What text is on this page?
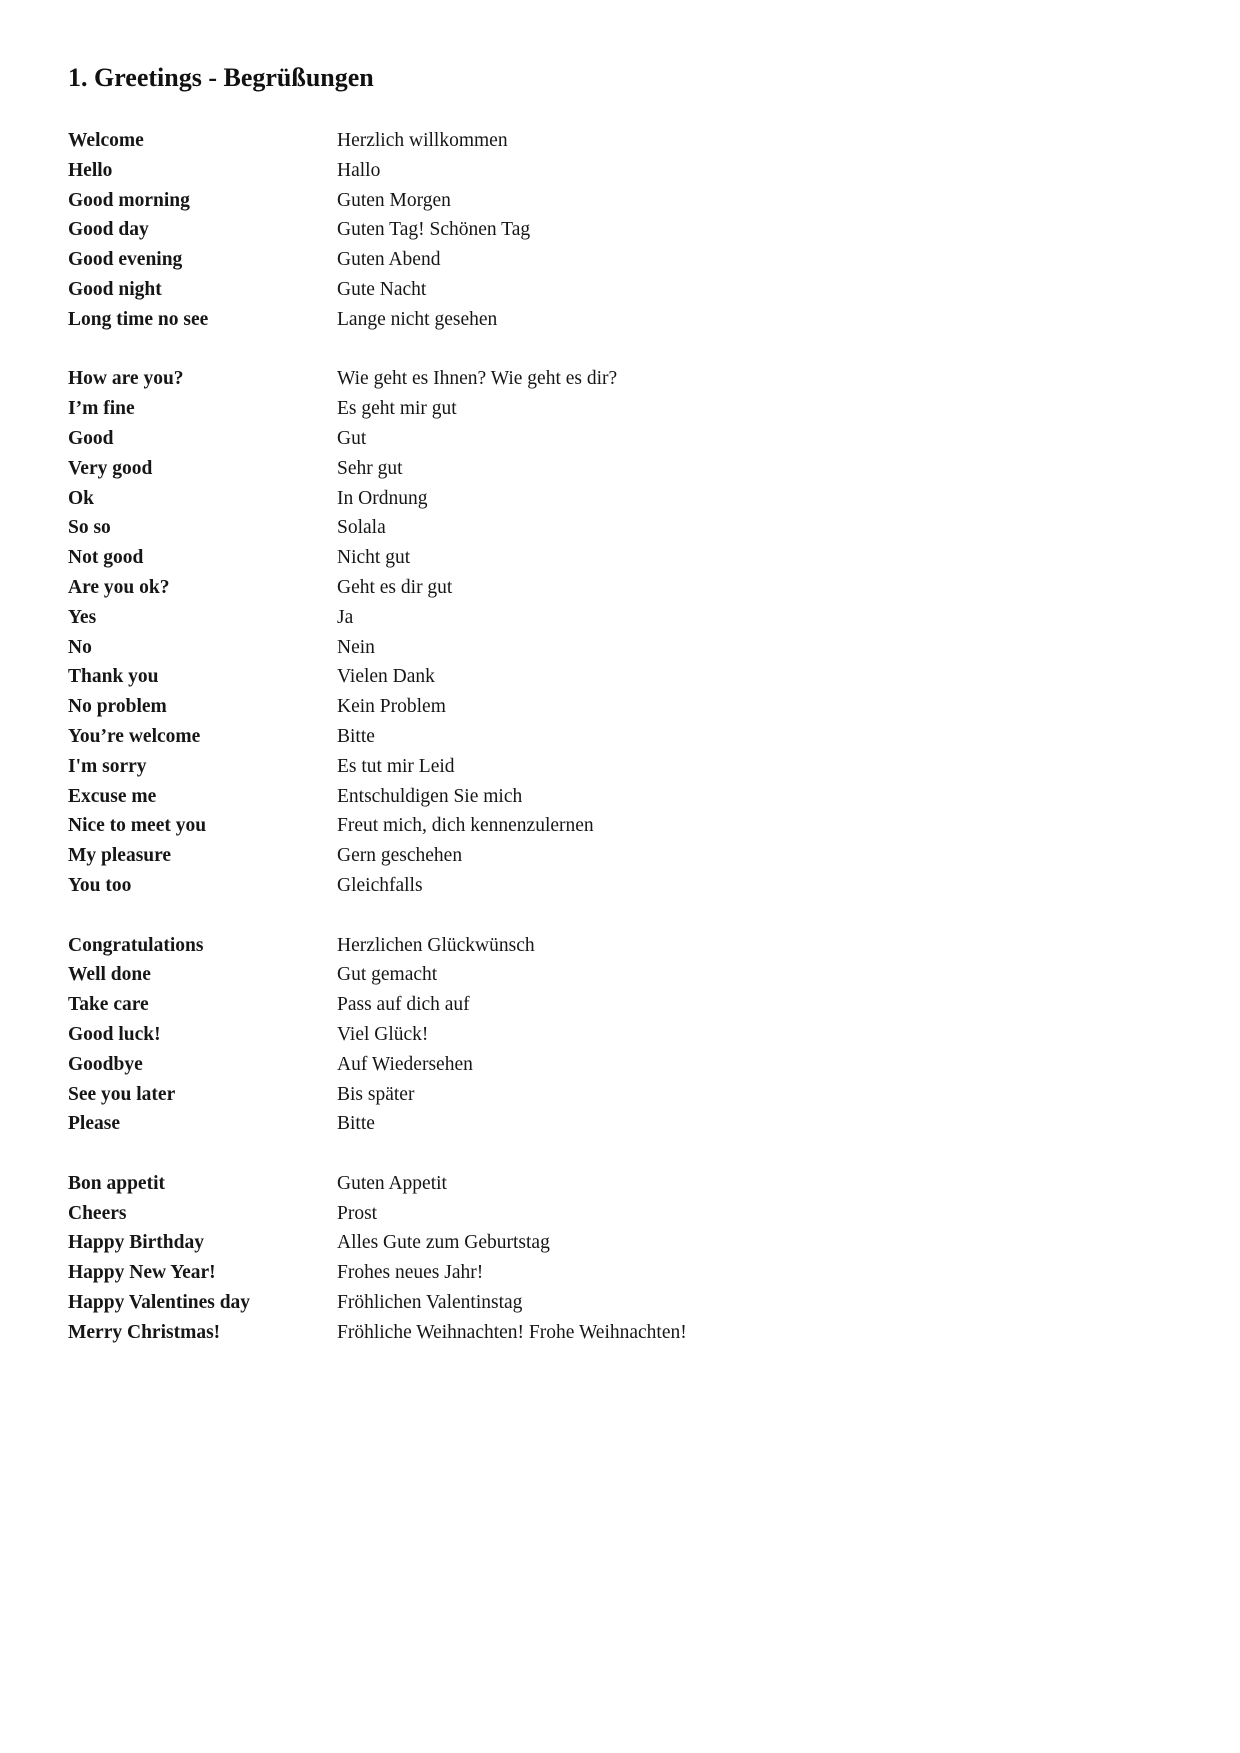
1. Greetings - Begrüßungen
Welcome	Herzlich willkommen
Hello	Hallo
Good morning	Guten Morgen
Good day	Guten Tag! Schönen Tag
Good evening	Guten Abend
Good night	Gute Nacht
Long time no see	Lange nicht gesehen
How are you?	Wie geht es Ihnen? Wie geht es dir?
I’m fine	Es geht mir gut
Good	Gut
Very good	Sehr gut
Ok	In Ordnung
So so	Solala
Not good	Nicht gut
Are you ok?	Geht es dir gut
Yes	Ja
No	Nein
Thank you	Vielen Dank
No problem	Kein Problem
You’re welcome	Bitte
I'm sorry	Es tut mir Leid
Excuse me	Entschuldigen Sie mich
Nice to meet you	Freut mich, dich kennenzulernen
My pleasure	Gern geschehen
You too	Gleichfalls
Congratulations	Herzlichen Glückwünsch
Well done	Gut gemacht
Take care	Pass auf dich auf
Good luck!	Viel Glück!
Goodbye	Auf Wiedersehen
See you later	Bis später
Please	Bitte
Bon appetit	Guten Appetit
Cheers	Prost
Happy Birthday	Alles Gute zum Geburtstag
Happy New Year!	Frohes neues Jahr!
Happy Valentines day	Fröhlichen Valentinstag
Merry Christmas!	Fröhliche Weihnachten! Frohe Weihnachten!
